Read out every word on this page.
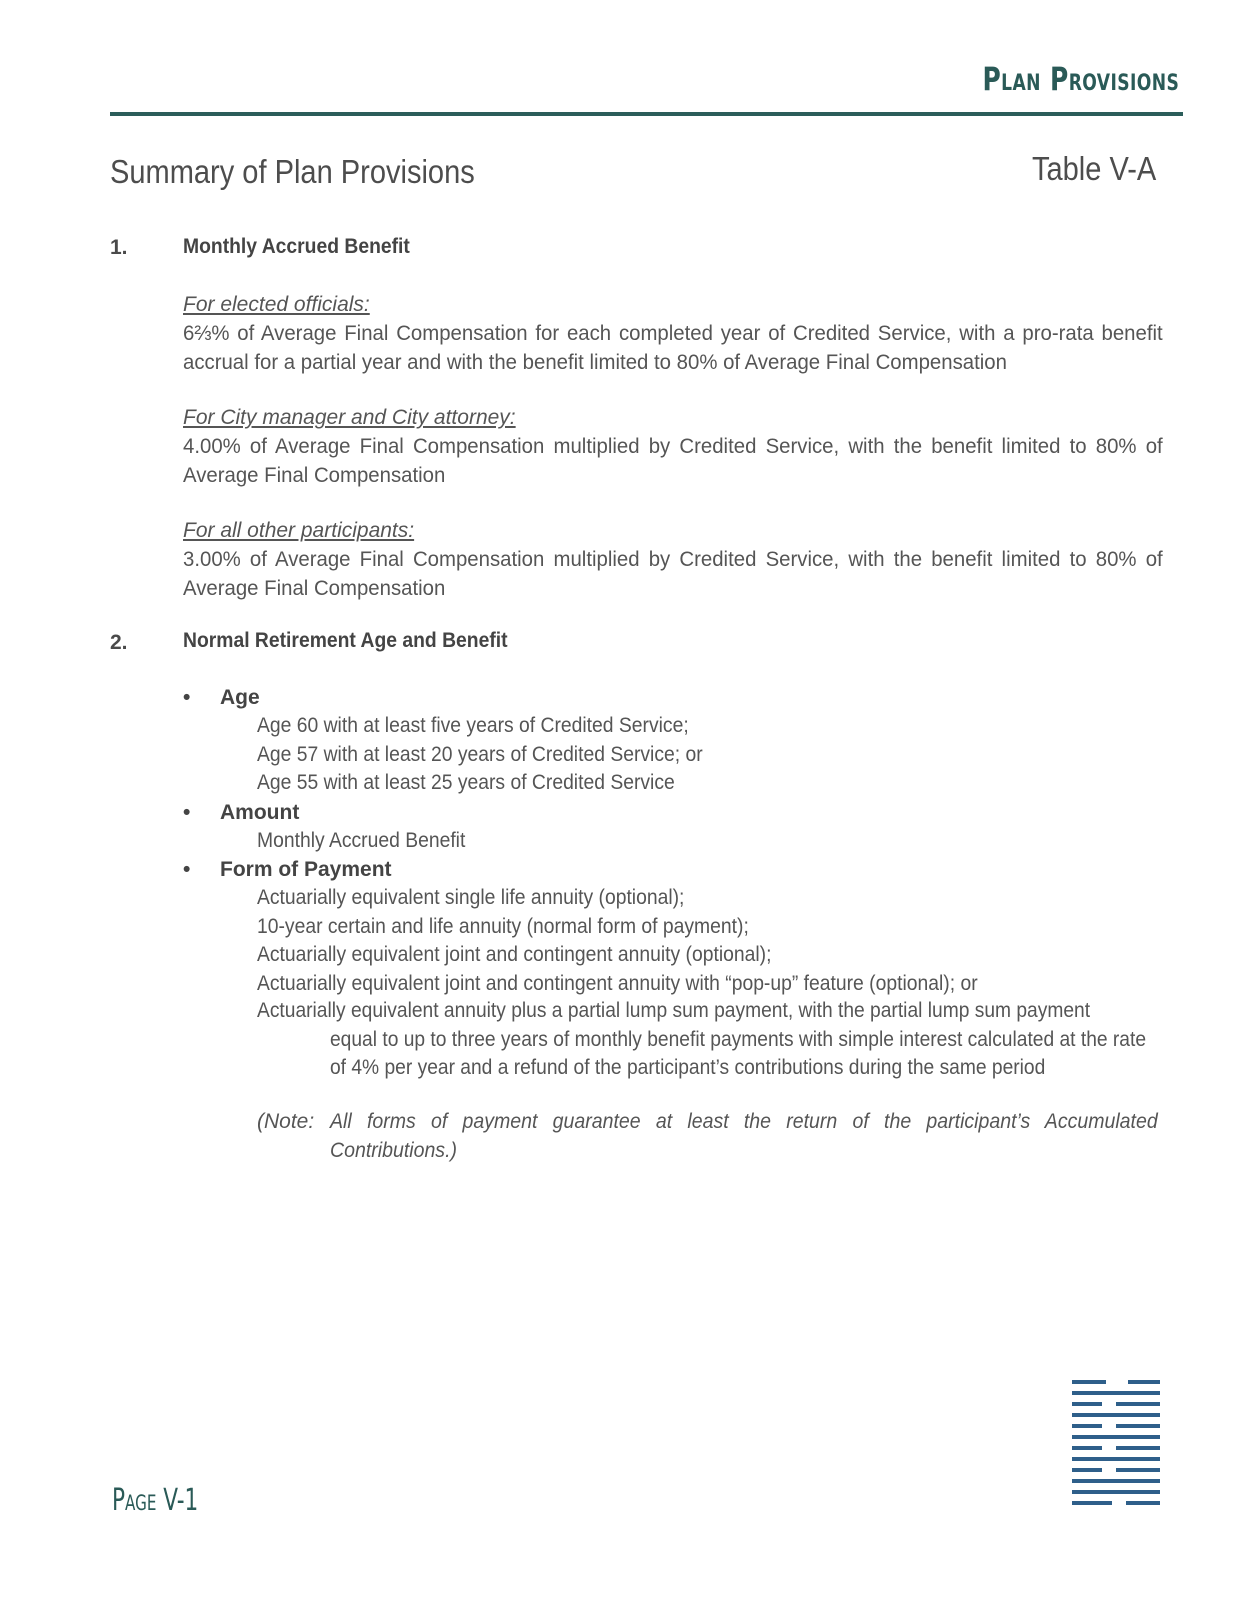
Plan Provisions
Summary of Plan Provisions	Table V-A
1.	Monthly Accrued Benefit
For elected officials:
6⅔% of Average Final Compensation for each completed year of Credited Service, with a pro-rata benefit accrual for a partial year and with the benefit limited to 80% of Average Final Compensation
For City manager and City attorney:
4.00% of Average Final Compensation multiplied by Credited Service, with the benefit limited to 80% of Average Final Compensation
For all other participants:
3.00% of Average Final Compensation multiplied by Credited Service, with the benefit limited to 80% of Average Final Compensation
2.	Normal Retirement Age and Benefit
• Age
Age 60 with at least five years of Credited Service;
Age 57 with at least 20 years of Credited Service; or
Age 55 with at least 25 years of Credited Service
• Amount
Monthly Accrued Benefit
• Form of Payment
Actuarially equivalent single life annuity (optional);
10-year certain and life annuity (normal form of payment);
Actuarially equivalent joint and contingent annuity (optional);
Actuarially equivalent joint and contingent annuity with “pop-up” feature (optional); or
Actuarially equivalent annuity plus a partial lump sum payment, with the partial lump sum payment
equal to up to three years of monthly benefit payments with simple interest calculated at the rate of 4% per year and a refund of the participant’s contributions during the same period
(Note: All forms of payment guarantee at least the return of the participant’s Accumulated Contributions.)
Page V-1
